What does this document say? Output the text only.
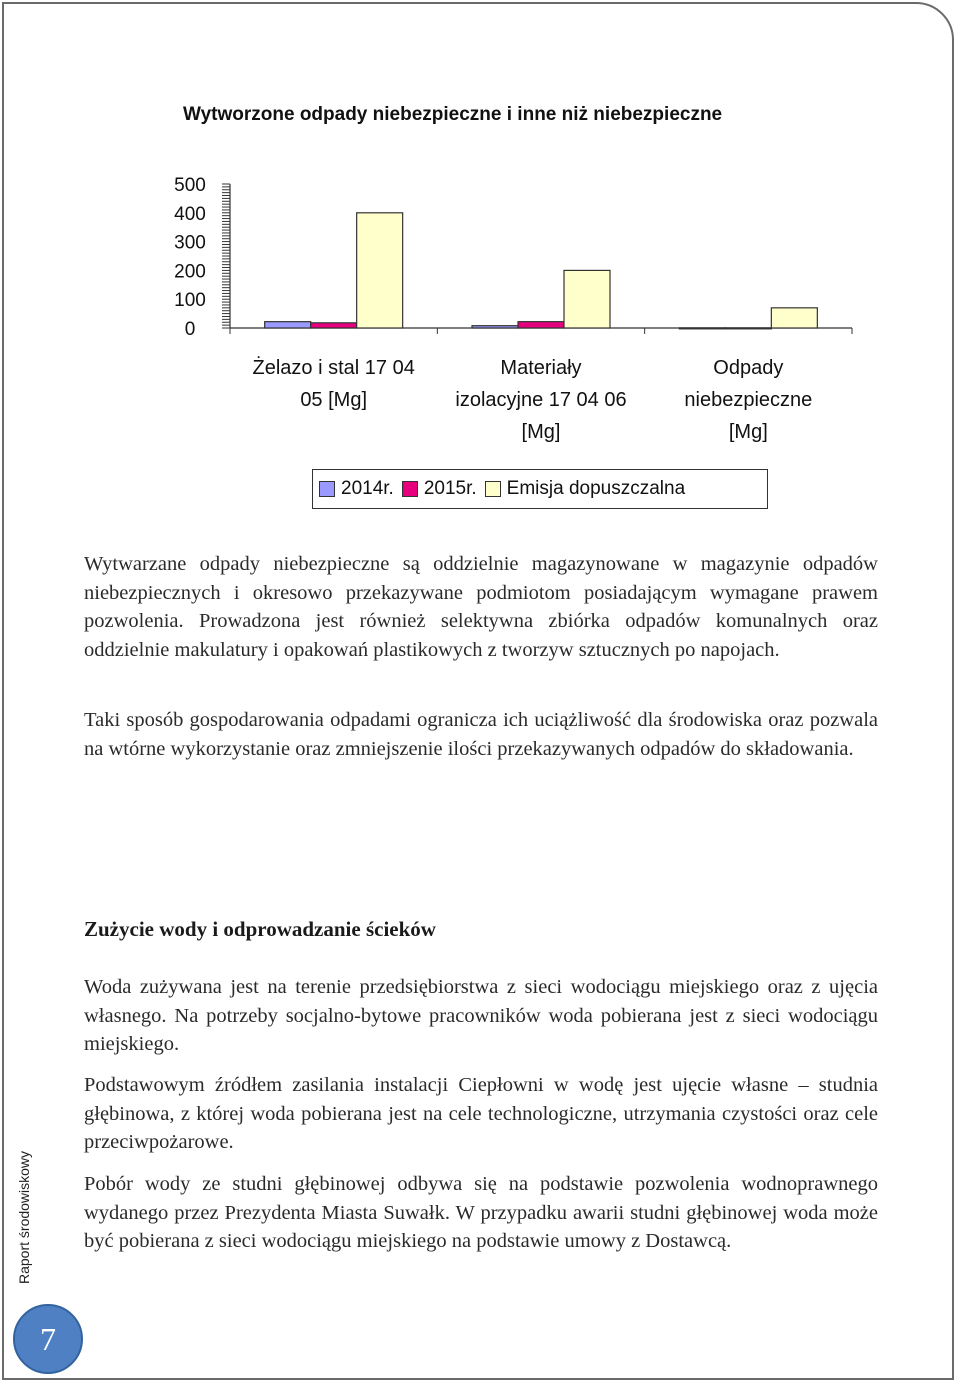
Wytworzone odpady niebezpieczne i inne niż niebezpieczne
500
400
300
200
100
0
Żelazo i stal 17 04 05 [Mg]
Materiały izolacyjne 17 04 06 [Mg]
Odpady niebezpieczne [Mg]
2014r. 2015r. Emisja dopuszczalna

Wytwarzane odpady niebezpieczne są oddzielnie magazynowane w magazynie odpadów niebezpiecznych i okresowo przekazywane podmiotom posiadającym wymagane prawem pozwolenia. Prowadzona jest również selektywna zbiórka odpadów komunalnych oraz oddzielnie makulatury i opakowań plastikowych z tworzyw sztucznych po napojach.

Taki sposób gospodarowania odpadami ogranicza ich uciążliwość dla środowiska oraz pozwala na wtórne wykorzystanie oraz zmniejszenie ilości przekazywanych odpadów do składowania.

Zużycie wody i odprowadzanie ścieków

Woda zużywana jest na terenie przedsiębiorstwa z sieci wodociągu miejskiego oraz z ujęcia własnego. Na potrzeby socjalno-bytowe pracowników woda pobierana jest z sieci wodociągu miejskiego.

Podstawowym źródłem zasilania instalacji Ciepłowni w wodę jest ujęcie własne – studnia głębinowa, z której woda pobierana jest na cele technologiczne, utrzymania czystości oraz cele przeciwpożarowe.

Pobór wody ze studni głębinowej odbywa się na podstawie pozwolenia wodnoprawnego wydanego przez Prezydenta Miasta Suwałk. W przypadku awarii studni głębinowej woda może być pobierana z sieci wodociągu miejskiego na podstawie umowy z Dostawcą.

Raport środowiskowy
7
